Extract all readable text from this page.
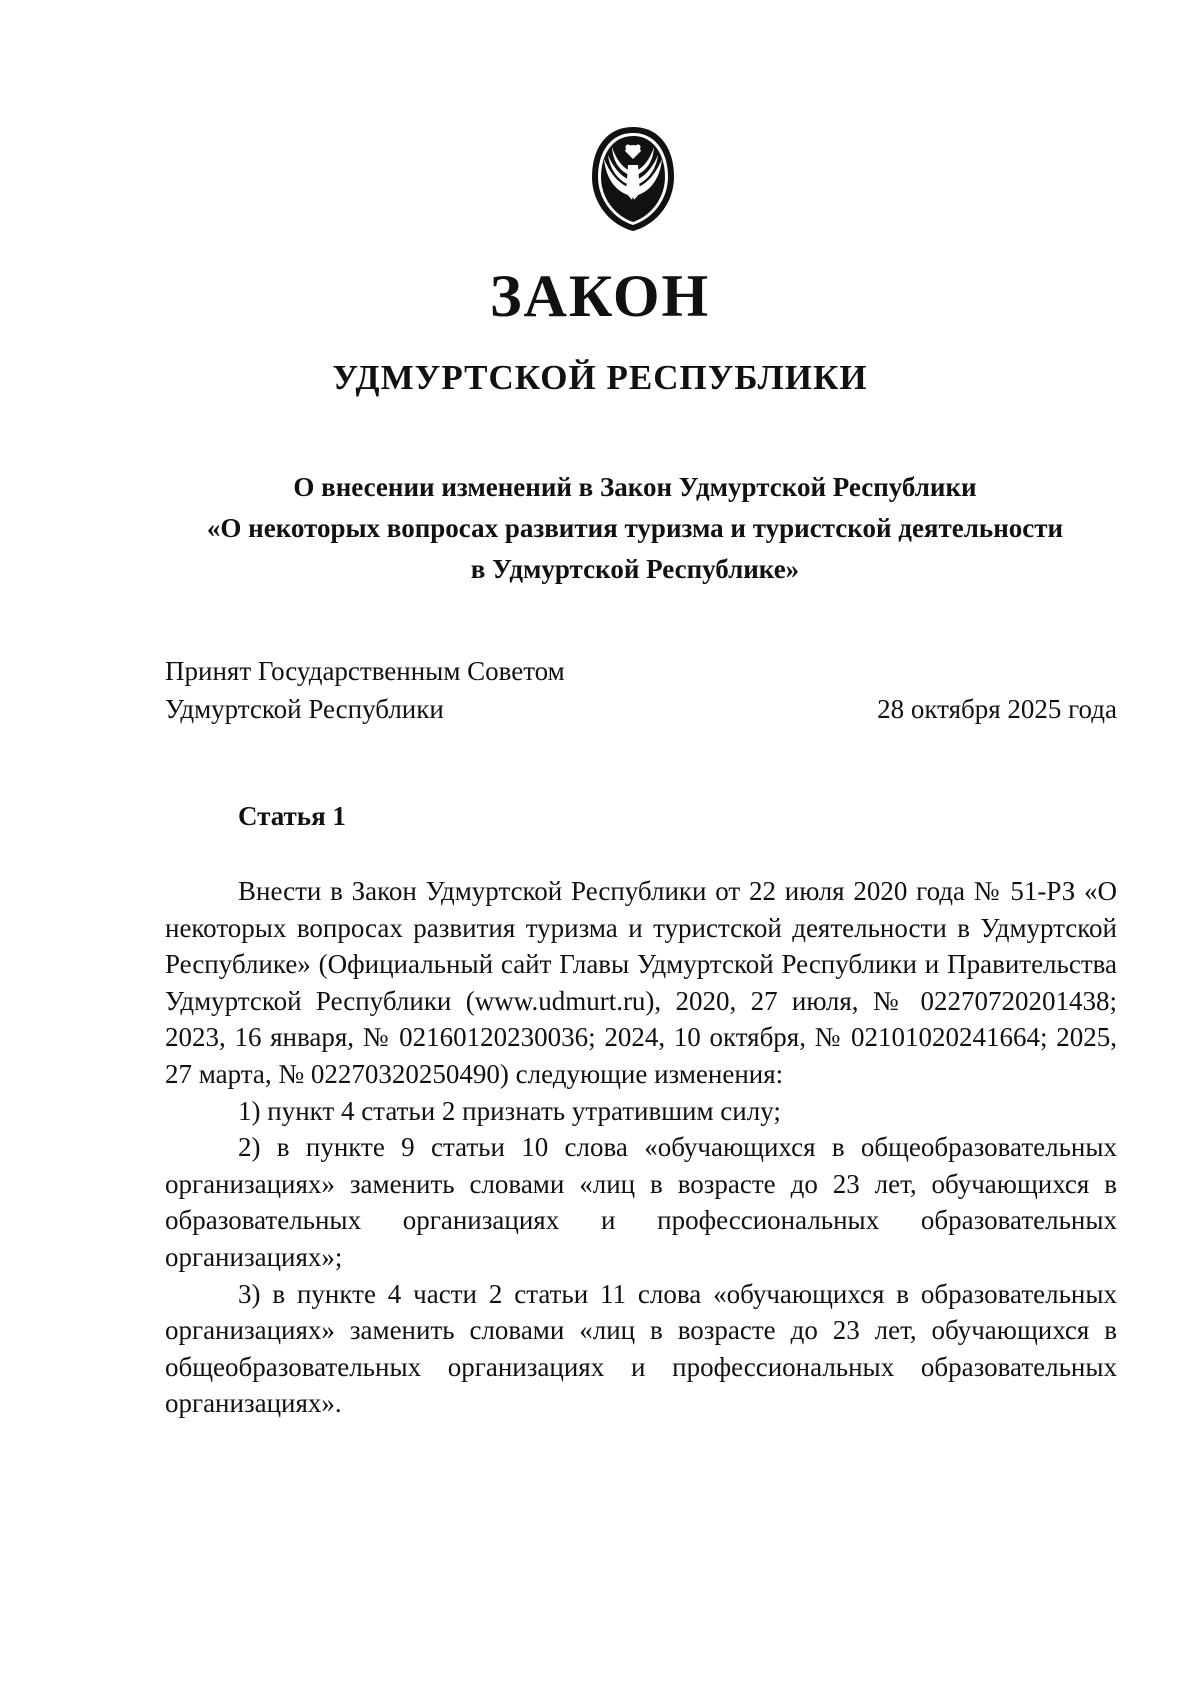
ЗАКОН
УДМУРТСКОЙ РЕСПУБЛИКИ
О внесении изменений в Закон Удмуртской Республики
«О некоторых вопросах развития туризма и туристской деятельности
в Удмуртской Республике»
Принят Государственным Советом
Удмуртской Республики	28 октября 2025 года
Статья 1

Внести в Закон Удмуртской Республики от 22 июля 2020 года № 51-РЗ «О некоторых вопросах развития туризма и туристской деятельности в Удмуртской Республике» (Официальный сайт Главы Удмуртской Республики и Правительства Удмуртской Республики (www.udmurt.ru), 2020, 27 июля, № 02270720201438; 2023, 16 января, № 02160120230036; 2024, 10 октября, № 02101020241664; 2025, 27 марта, № 02270320250490) следующие изменения:

1) пункт 4 статьи 2 признать утратившим силу;

2) в пункте 9 статьи 10 слова «обучающихся в общеобразовательных организациях» заменить словами «лиц в возрасте до 23 лет, обучающихся в образовательных организациях и профессиональных образовательных организациях»;

3) в пункте 4 части 2 статьи 11 слова «обучающихся в образовательных организациях» заменить словами «лиц в возрасте до 23 лет, обучающихся в общеобразовательных организациях и профессиональных образовательных организациях».
